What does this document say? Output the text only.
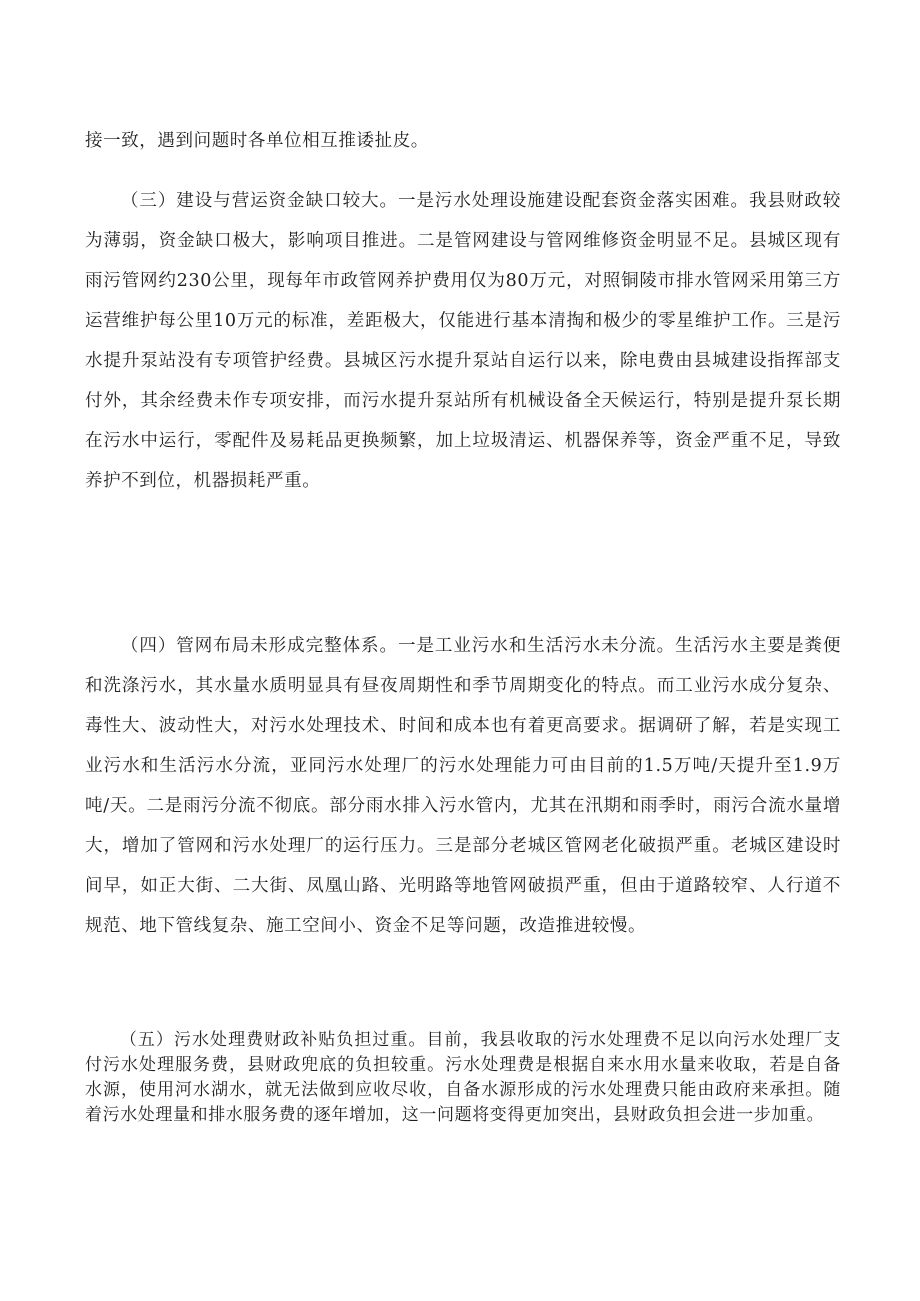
接一致，遇到问题时各单位相互推诿扯皮。

（三）建设与营运资金缺口较大。一是污水处理设施建设配套资金落实困难。我县财政较为薄弱，资金缺口极大，影响项目推进。二是管网建设与管网维修资金明显不足。县城区现有雨污管网约230公里，现每年市政管网养护费用仅为80万元，对照铜陵市排水管网采用第三方运营维护每公里10万元的标准，差距极大，仅能进行基本清掏和极少的零星维护工作。三是污水提升泵站没有专项管护经费。县城区污水提升泵站自运行以来，除电费由县城建设指挥部支付外，其余经费未作专项安排，而污水提升泵站所有机械设备全天候运行，特别是提升泵长期在污水中运行，零配件及易耗品更换频繁，加上垃圾清运、机器保养等，资金严重不足，导致养护不到位，机器损耗严重。

（四）管网布局未形成完整体系。一是工业污水和生活污水未分流。生活污水主要是粪便和洗涤污水，其水量水质明显具有昼夜周期性和季节周期变化的特点。而工业污水成分复杂、毒性大、波动性大，对污水处理技术、时间和成本也有着更高要求。据调研了解，若是实现工业污水和生活污水分流，亚同污水处理厂的污水处理能力可由目前的1.5万吨/天提升至1.9万吨/天。二是雨污分流不彻底。部分雨水排入污水管内，尤其在汛期和雨季时，雨污合流水量增大，增加了管网和污水处理厂的运行压力。三是部分老城区管网老化破损严重。老城区建设时间早，如正大街、二大街、凤凰山路、光明路等地管网破损严重，但由于道路较窄、人行道不规范、地下管线复杂、施工空间小、资金不足等问题，改造推进较慢。

（五）污水处理费财政补贴负担过重。目前，我县收取的污水处理费不足以向污水处理厂支付污水处理服务费，县财政兜底的负担较重。污水处理费是根据自来水用水量来收取，若是自备水源，使用河水湖水，就无法做到应收尽收，自备水源形成的污水处理费只能由政府来承担。随着污水处理量和排水服务费的逐年增加，这一问题将变得更加突出，县财政负担会进一步加重。
